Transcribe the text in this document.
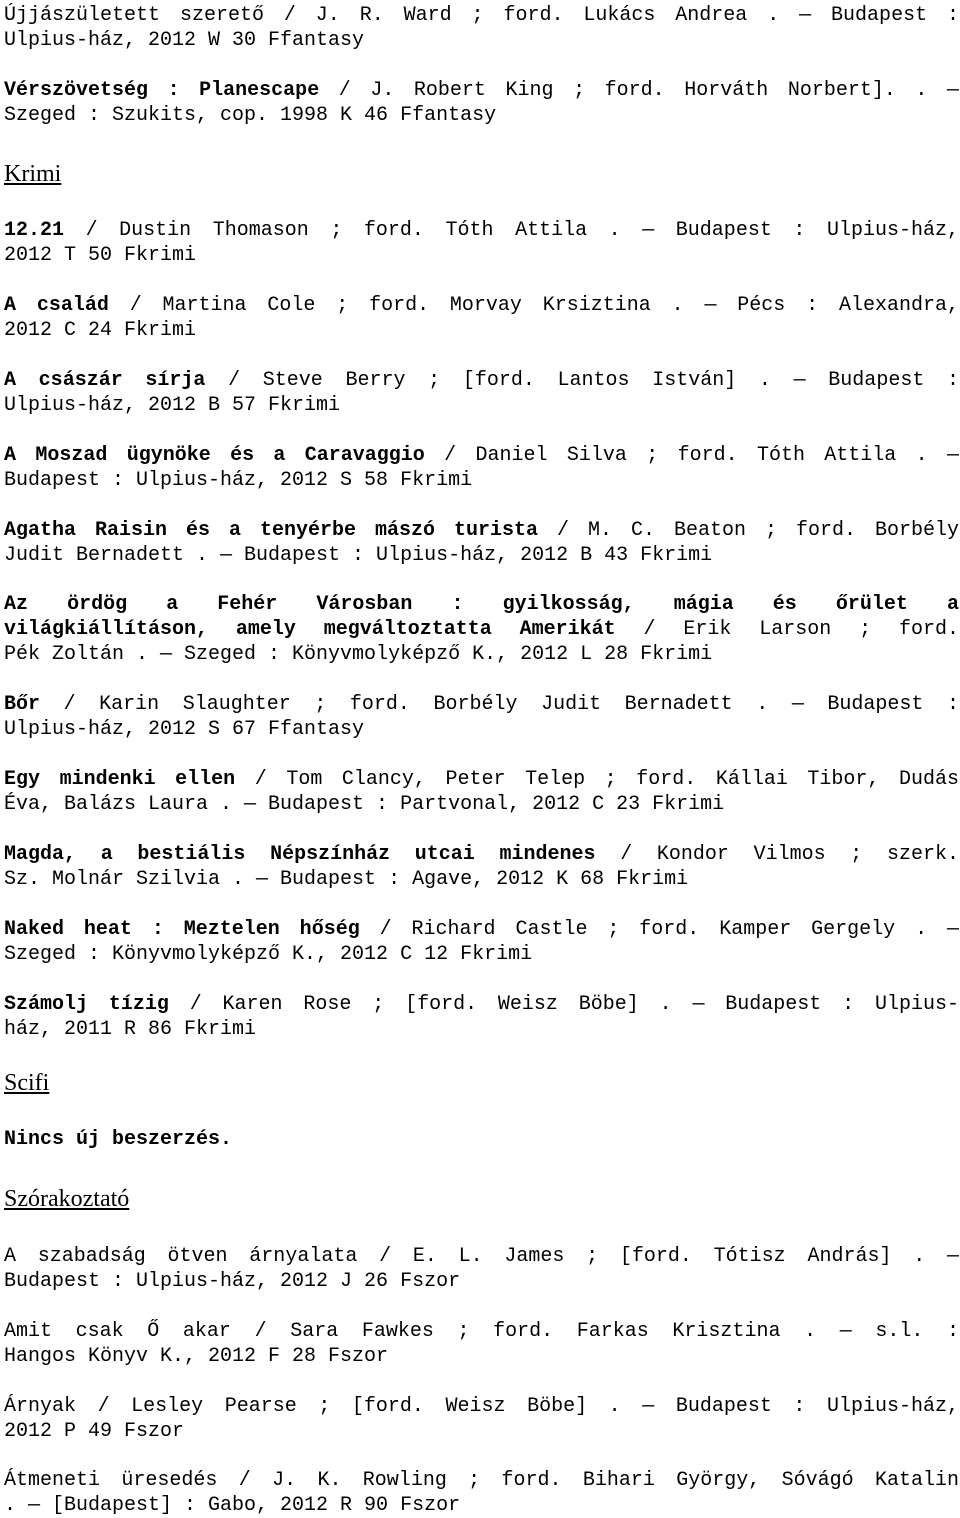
Újjászületett szerető / J. R. Ward ; ford. Lukács Andrea . — Budapest :

Ulpius-ház, 2012 W 30 Ffantasy

Vérszövetség : Planescape / J. Robert King ; ford. Horváth Norbert]. . —

Szeged : Szukits, cop. 1998 K 46 Ffantasy

Krimi

12.21 / Dustin Thomason ; ford. Tóth Attila . — Budapest : Ulpius-ház,

2012 T 50 Fkrimi

A család / Martina Cole ; ford. Morvay Krsiztina . — Pécs : Alexandra,

2012 C 24 Fkrimi

A császár sírja / Steve Berry ; [ford. Lantos István] . — Budapest :

Ulpius-ház, 2012 B 57 Fkrimi

A Moszad ügynöke és a Caravaggio / Daniel Silva ; ford. Tóth Attila . —

Budapest : Ulpius-ház, 2012 S 58 Fkrimi

Agatha Raisin és a tenyérbe mászó turista / M. C. Beaton ; ford. Borbély

Judit Bernadett . — Budapest : Ulpius-ház, 2012 B 43 Fkrimi

Az ördög a Fehér Városban : gyilkosság, mágia és őrület a

világkiállításon, amely megváltoztatta Amerikát / Erik Larson ; ford.

Pék Zoltán . — Szeged : Könyvmolyképző K., 2012 L 28 Fkrimi

Bőr / Karin Slaughter ; ford. Borbély Judit Bernadett . — Budapest :

Ulpius-ház, 2012 S 67 Ffantasy

Egy mindenki ellen / Tom Clancy, Peter Telep ; ford. Kállai Tibor, Dudás

Éva, Balázs Laura . — Budapest : Partvonal, 2012 C 23 Fkrimi

Magda, a bestiális Népszínház utcai mindenes / Kondor Vilmos ; szerk.

Sz. Molnár Szilvia . — Budapest : Agave, 2012 K 68 Fkrimi

Naked heat : Meztelen hőség / Richard Castle ; ford. Kamper Gergely . —

Szeged : Könyvmolyképző K., 2012 C 12 Fkrimi

Számolj tízig / Karen Rose ; [ford. Weisz Böbe] . — Budapest : Ulpius-

ház, 2011 R 86 Fkrimi

Scifi

Nincs új beszerzés.

Szórakoztató

A szabadság ötven árnyalata / E. L. James ; [ford. Tótisz András] . —

Budapest : Ulpius-ház, 2012 J 26 Fszor

Amit csak Ő akar / Sara Fawkes ; ford. Farkas Krisztina . — s.l. :

Hangos Könyv K., 2012 F 28 Fszor

Árnyak / Lesley Pearse ; [ford. Weisz Böbe] . — Budapest : Ulpius-ház,

2012 P 49 Fszor

Átmeneti üresedés / J. K. Rowling ; ford. Bihari György, Sóvágó Katalin

. — [Budapest] : Gabo, 2012 R 90 Fszor
